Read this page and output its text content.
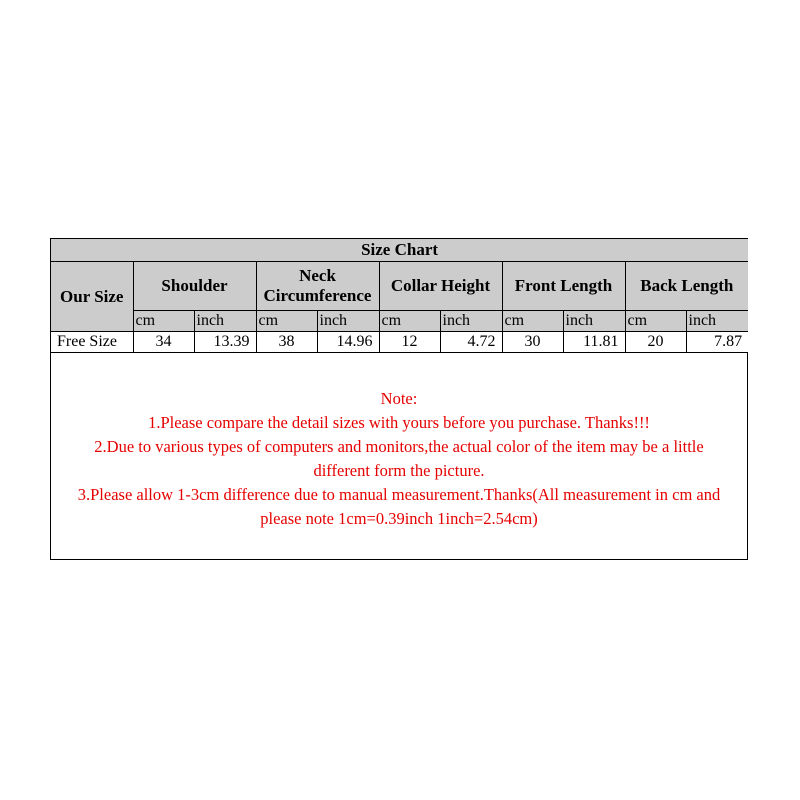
Size Chart										
Our Size	Shoulder		Neck
Circumference		Collar Height		Front Length		Back Length	
	cm	inch	cm	inch	cm	inch	cm	inch	cm	inch
Free Size	34	13.39	38	14.96	12	4.72	30	11.81	20	7.87
Note:
1.Please compare the detail sizes with yours before you purchase. Thanks!!!
2.Due to various types of computers and monitors,the actual color of the item may be a little
different form the picture.
3.Please allow 1-3cm difference due to manual measurement.Thanks(All measurement in cm and
please note 1cm=0.39inch 1inch=2.54cm)
